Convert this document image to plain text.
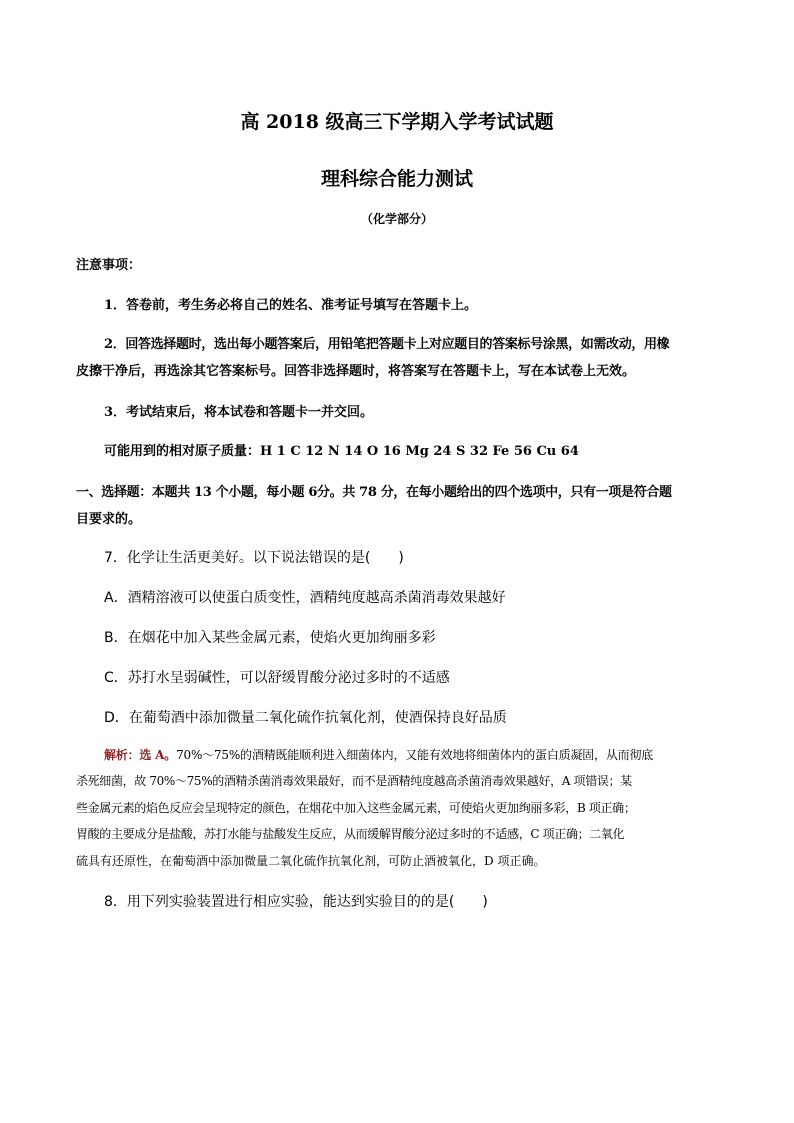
高 2018 级高三下学期入学考试试题
理科综合能力测试
（化学部分）
注意事项：
1．答卷前，考生务必将自己的姓名、准考证号填写在答题卡上。
2．回答选择题时，选出每小题答案后，用铅笔把答题卡上对应题目的答案标号涂黑，如需改动，用橡
皮擦干净后，再选涂其它答案标号。回答非选择题时，将答案写在答题卡上，写在本试卷上无效。
3．考试结束后，将本试卷和答题卡一并交回。
可能用到的相对原子质量：H 1 C 12 N 14 O 16 Mg 24 S 32 Fe 56 Cu 64
一、选择题：本题共 13 个小题，每小题 6分。共 78 分，在每小题给出的四个选项中，只有一项是符合题
目要求的。
7．化学让生活更美好。以下说法错误的是(　　)
A．酒精溶液可以使蛋白质变性，酒精纯度越高杀菌消毒效果越好
B．在烟花中加入某些金属元素，使焰火更加绚丽多彩
C．苏打水呈弱碱性，可以舒缓胃酸分泌过多时的不适感
D．在葡萄酒中添加微量二氧化硫作抗氧化剂，使酒保持良好品质
解析：选 A。70%～75%的酒精既能顺利进入细菌体内，又能有效地将细菌体内的蛋白质凝固，从而彻底
杀死细菌，故 70%～75%的酒精杀菌消毒效果最好，而不是酒精纯度越高杀菌消毒效果越好，A 项错误；某
些金属元素的焰色反应会呈现特定的颜色，在烟花中加入这些金属元素，可使焰火更加绚丽多彩，B 项正确；
胃酸的主要成分是盐酸，苏打水能与盐酸发生反应，从而缓解胃酸分泌过多时的不适感，C 项正确；二氧化
硫具有还原性，在葡萄酒中添加微量二氧化硫作抗氧化剂，可防止酒被氧化，D 项正确。
8．用下列实验装置进行相应实验，能达到实验目的的是(　　)
